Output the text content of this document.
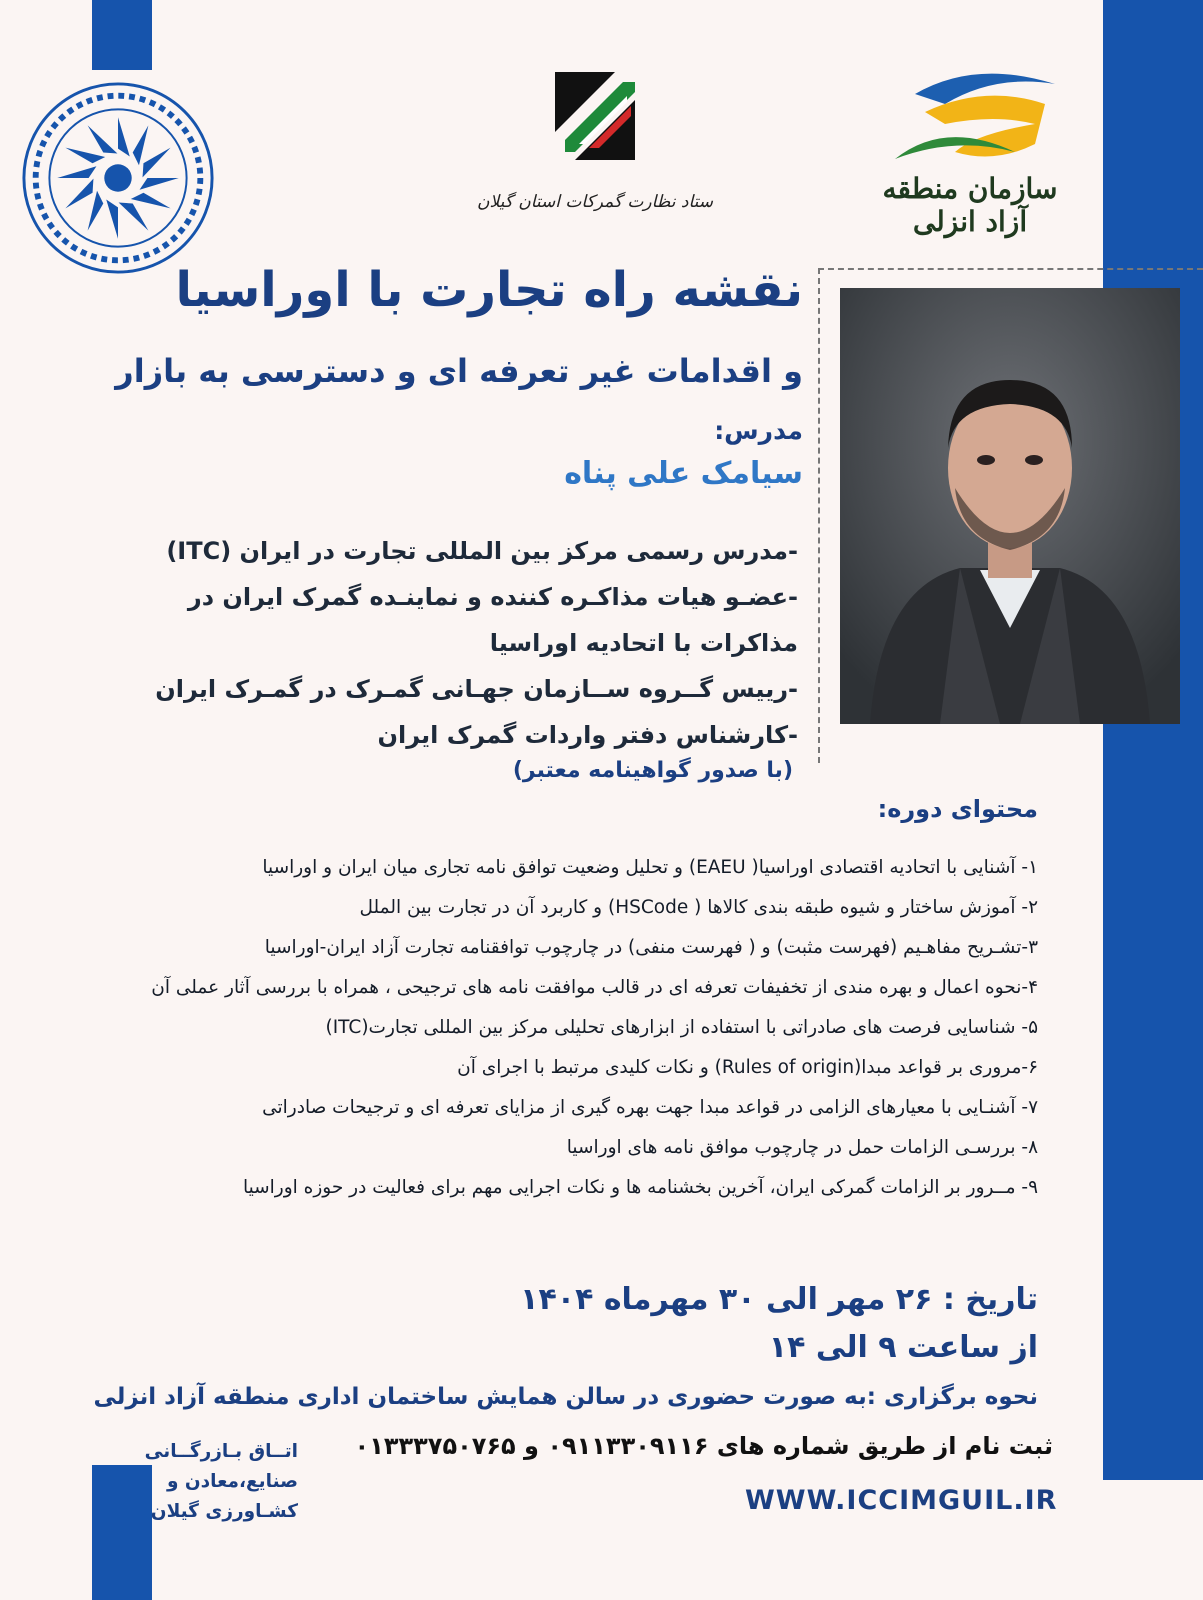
ستاد نظارت گمرکات استان گیلان	سازمان منطقه آزاد انزلی
نقشه راه تجارت با اوراسیا
و اقدامات غیر تعرفه ای و دسترسی به بازار
مدرس:
سیامک علی پناه
-مدرس رسمی مرکز بین المللی تجارت در ایران (ITC)
-عضـو هیات مذاکـره کننده و نماینـده گمرک ایران در
مذاکرات با اتحادیه اوراسیا
-رییس گــروه ســازمان جهـانی گمـرک در گمـرک ایران
-کارشناس دفتر واردات گمرک ایران
(با صدور گواهینامه معتبر)
محتوای دوره:
۱- آشنایی با اتحادیه اقتصادی اوراسیا( EAEU) و تحلیل وضعیت توافق نامه تجاری میان ایران و اوراسیا
۲- آموزش ساختار و شیوه طبقه بندی کالاها ( HSCode) و کاربرد آن در تجارت بین الملل
۳-تشـریح مفاهـیم (فهرست مثبت) و ( فهرست منفی) در چارچوب توافقنامه تجارت آزاد ایران-اوراسیا
۴-نحوه اعمال و بهره مندی از تخفیفات تعرفه ای در قالب موافقت نامه های ترجیحی ، همراه با بررسی آثار عملی آن
۵- شناسایی فرصت های صادراتی با استفاده از ابزارهای تحلیلی مرکز بین المللی تجارت(ITC)
۶-مروری بر قواعد مبدا(Rules of origin) و نکات کلیدی مرتبط با اجرای آن
۷- آشنـایی با معیارهای الزامی در قواعد مبدا جهت بهره گیری از مزایای تعرفه ای و ترجیحات صادراتی
۸- بررسـی الزامات حمل در چارچوب موافق نامه های اوراسیا
۹- مــرور بر الزامات گمرکی ایران، آخرین بخشنامه ها و نکات اجرایی مهم برای فعالیت در حوزه اوراسیا
تاریخ : ۲۶ مهر الی ۳۰ مهرماه ۱۴۰۴
از ساعت ۹ الی ۱۴
نحوه برگزاری :به صورت حضوری در سالن همایش ساختمان اداری منطقه آزاد انزلی
ثبت نام از طریق شماره های ۰۹۱۱۳۳۰۹۱۱۶ و ۰۱۳۳۳۷۵۰۷۶۵
WWW.ICCIMGUIL.IR
اتــاق بـازرگــانی
صنایع،معادن و
کشـاورزی گیلان
